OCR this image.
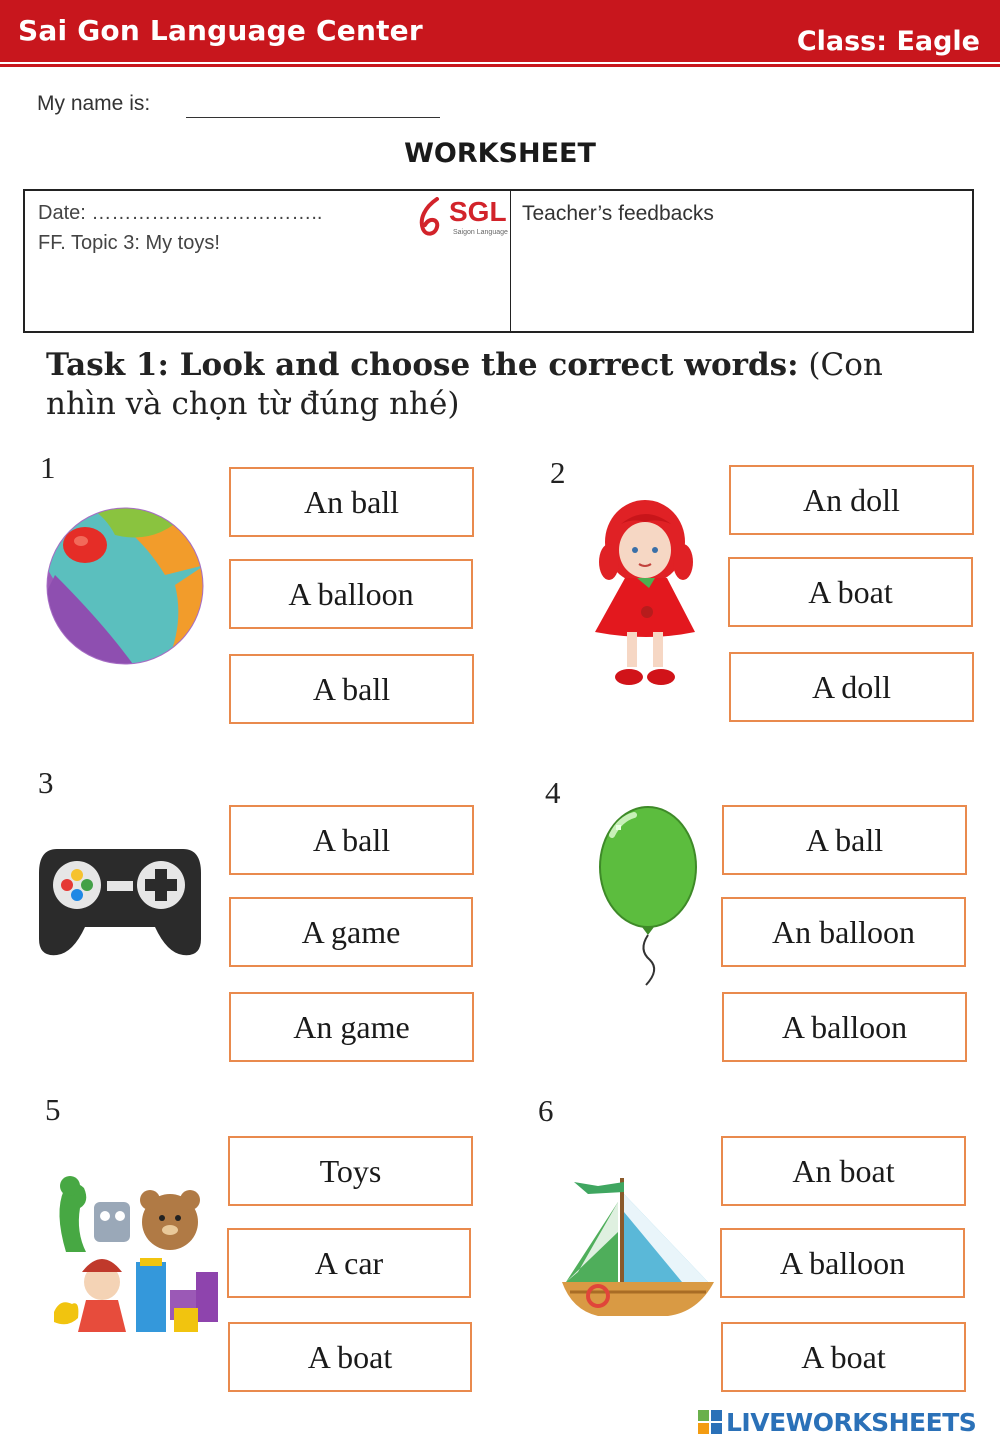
Sai Gon Language Center	Class: Eagle
My name is:
WORKSHEET
Date: ……………………………..
FF. Topic 3: My toys!
SGL
Saigon Language
Teacher’s feedbacks
Task 1: Look and choose the correct words: (Con nhìn và chọn từ đúng nhé)
1
An ball
A balloon
A ball
2
An doll
A boat
A doll
3
A ball
A game
An game
4
A ball
An balloon
A balloon
5
Toys
A car
A boat
6
An boat
A balloon
A boat
LIVEWORKSHEETS
